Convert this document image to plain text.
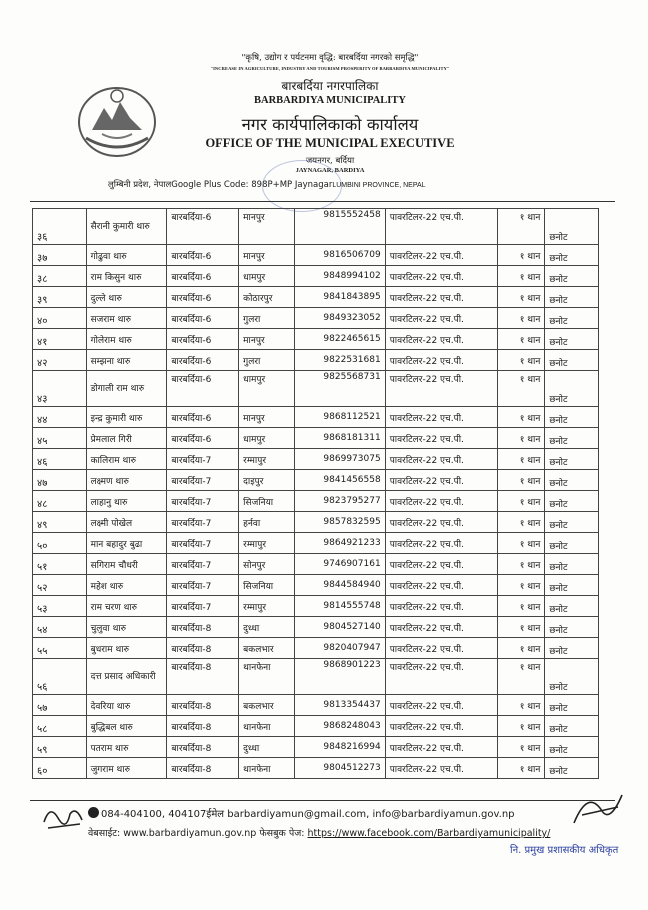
"कृषि, उद्योग र पर्यटनमा वृद्धि: बारबर्दिया नगरको समृद्धि"
"INCREASE IN AGRICULTURE, INDUSTRY AND TOURISM PROSPERITY OF BARBARDIYA MUNICIPALITY"
बारबर्दिया नगरपालिका
BARBARDIYA MUNICIPALITY
नगर कार्यपालिकाको कार्यालय
OFFICE OF THE MUNICIPAL EXECUTIVE
जयनगर, बर्दिया
JAYNAGAR, BARDIYA
लुम्बिनी प्रदेश, नेपालGoogle Plus Code: 898P+MP JaynagarLUMBINI PROVINCE, NEPAL
३६	सैरानी कुमारी थारु	बारबर्दिया-6	मानपुर	9815552458	पावरटिलर-22 एच.पी.	१ थान	छनोट
३७	गोढुवा थारु	बारबर्दिया-6	मानपुर	9816506709	पावरटिलर-22 एच.पी.	१ थान	छनोट
३८	राम किसुन थारु	बारबर्दिया-6	धामपुर	9848994102	पावरटिलर-22 एच.पी.	१ थान	छनोट
३९	दुल्ले थारु	बारबर्दिया-6	कोठारपुर	9841843895	पावरटिलर-22 एच.पी.	१ थान	छनोट
४०	सजराम थारु	बारबर्दिया-6	गुलरा	9849323052	पावरटिलर-22 एच.पी.	१ थान	छनोट
४१	गोलेराम थारु	बारबर्दिया-6	मानपुर	9822465615	पावरटिलर-22 एच.पी.	१ थान	छनोट
४२	सम्झना थारु	बारबर्दिया-6	गुलरा	9822531681	पावरटिलर-22 एच.पी.	१ थान	छनोट
४३	डोगाली राम थारु	बारबर्दिया-6	धामपुर	9825568731	पावरटिलर-22 एच.पी.	१ थान	छनोट
४४	इन्द्र कुमारी थारु	बारबर्दिया-6	मानपुर	9868112521	पावरटिलर-22 एच.पी.	१ थान	छनोट
४५	प्रेमलाल गिरी	बारबर्दिया-6	धामपुर	9868181311	पावरटिलर-22 एच.पी.	१ थान	छनोट
४६	कालिराम थारु	बारबर्दिया-7	रम्मापुर	9869973075	पावरटिलर-22 एच.पी.	१ थान	छनोट
४७	लक्ष्मण थारु	बारबर्दिया-7	दाइपुर	9841456558	पावरटिलर-22 एच.पी.	१ थान	छनोट
४८	लाहानु थारु	बारबर्दिया-7	सिजनिया	9823795277	पावरटिलर-22 एच.पी.	१ थान	छनोट
४९	लक्ष्मी पोखेल	बारबर्दिया-7	हर्नवा	9857832595	पावरटिलर-22 एच.पी.	१ थान	छनोट
५०	मान बहादुर बुढा	बारबर्दिया-7	रम्मापुर	9864921233	पावरटिलर-22 एच.पी.	१ थान	छनोट
५१	सगिराम चौधरी	बारबर्दिया-7	सोनपुर	9746907161	पावरटिलर-22 एच.पी.	१ थान	छनोट
५२	महेश थारु	बारबर्दिया-7	सिजनिया	9844584940	पावरटिलर-22 एच.पी.	१ थान	छनोट
५३	राम चरण थारु	बारबर्दिया-7	रम्मापुर	9814555748	पावरटिलर-22 एच.पी.	१ थान	छनोट
५४	चुलुवा थारु	बारबर्दिया-8	दुध्धा	9804527140	पावरटिलर-22 एच.पी.	१ थान	छनोट
५५	बुधराम थारु	बारबर्दिया-8	बकलभार	9820407947	पावरटिलर-22 एच.पी.	१ थान	छनोट
५६	दत्त प्रसाद अधिकारी	बारबर्दिया-8	थानफेना	9868901223	पावरटिलर-22 एच.पी.	१ थान	छनोट
५७	देवरिया थारु	बारबर्दिया-8	बकलभार	9813354437	पावरटिलर-22 एच.पी.	१ थान	छनोट
५८	बुद्धिबल थारु	बारबर्दिया-8	थानफेना	9868248043	पावरटिलर-22 एच.पी.	१ थान	छनोट
५९	पतराम थारु	बारबर्दिया-8	दुध्धा	9848216994	पावरटिलर-22 एच.पी.	१ थान	छनोट
६०	जुगराम थारु	बारबर्दिया-8	थानफेना	9804512273	पावरटिलर-22 एच.पी.	१ थान	छनोट
084-404100, 404107ईमेल barbardiyamun@gmail.com, info@barbardiyamun.gov.np
वेबसाईट: www.barbardiyamun.gov.np फेसबुक पेज: https://www.facebook.com/Barbardiyamunicipality/
नि. प्रमुख प्रशासकीय अधिकृत
